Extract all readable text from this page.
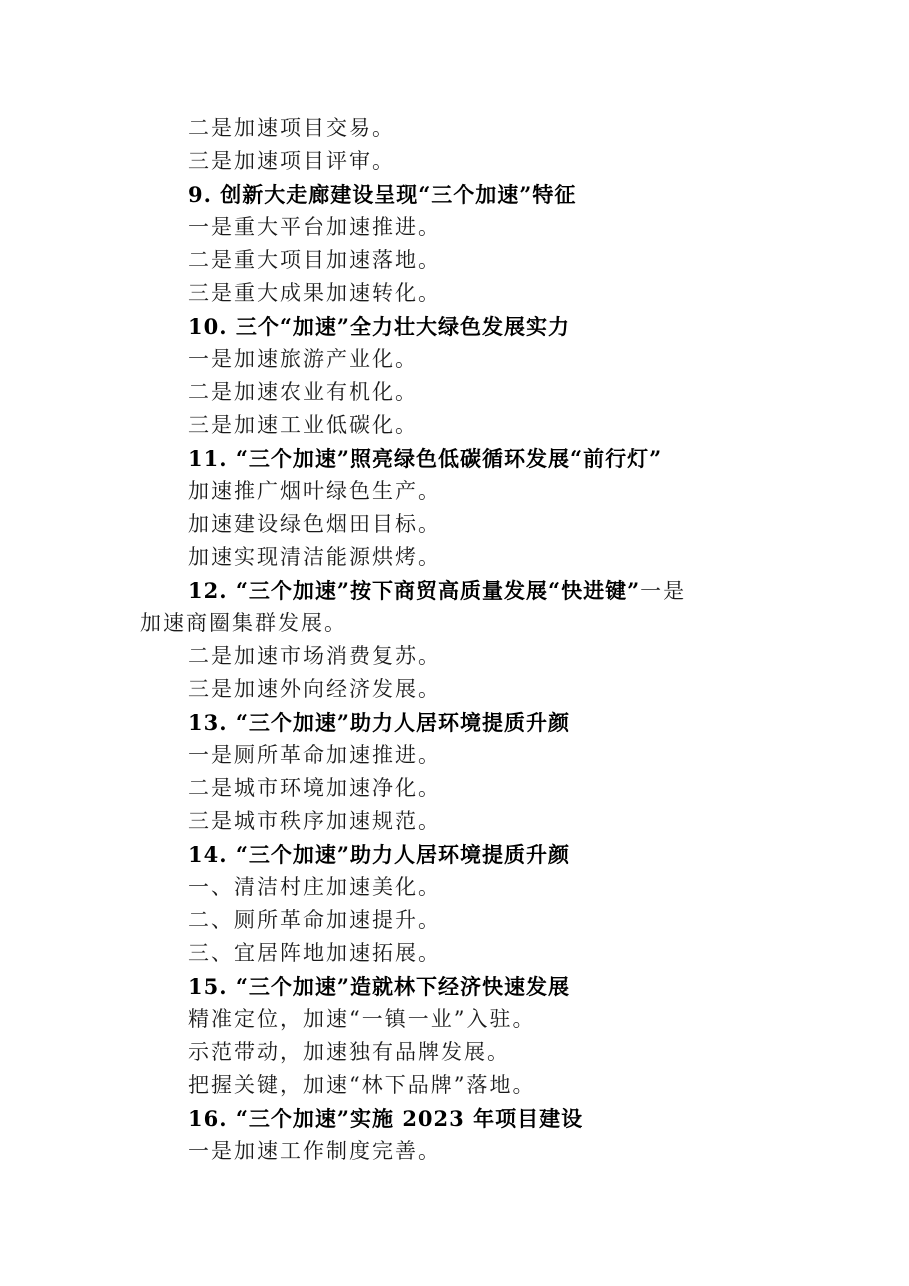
二是加速项目交易。
三是加速项目评审。
9. 创新大走廊建设呈现“三个加速”特征
一是重大平台加速推进。
二是重大项目加速落地。
三是重大成果加速转化。
10. 三个“加速”全力壮大绿色发展实力
一是加速旅游产业化。
二是加速农业有机化。
三是加速工业低碳化。
11. “三个加速”照亮绿色低碳循环发展“前行灯”
加速推广烟叶绿色生产。
加速建设绿色烟田目标。
加速实现清洁能源烘烤。
12. “三个加速”按下商贸高质量发展“快进键”一是
加速商圈集群发展。
二是加速市场消费复苏。
三是加速外向经济发展。
13. “三个加速”助力人居环境提质升颜
一是厕所革命加速推进。
二是城市环境加速净化。
三是城市秩序加速规范。
14. “三个加速”助力人居环境提质升颜
一、清洁村庄加速美化。
二、厕所革命加速提升。
三、宜居阵地加速拓展。
15. “三个加速”造就林下经济快速发展
精准定位，加速“一镇一业”入驻。
示范带动，加速独有品牌发展。
把握关键，加速“林下品牌”落地。
16. “三个加速”实施 2023 年项目建设
一是加速工作制度完善。
